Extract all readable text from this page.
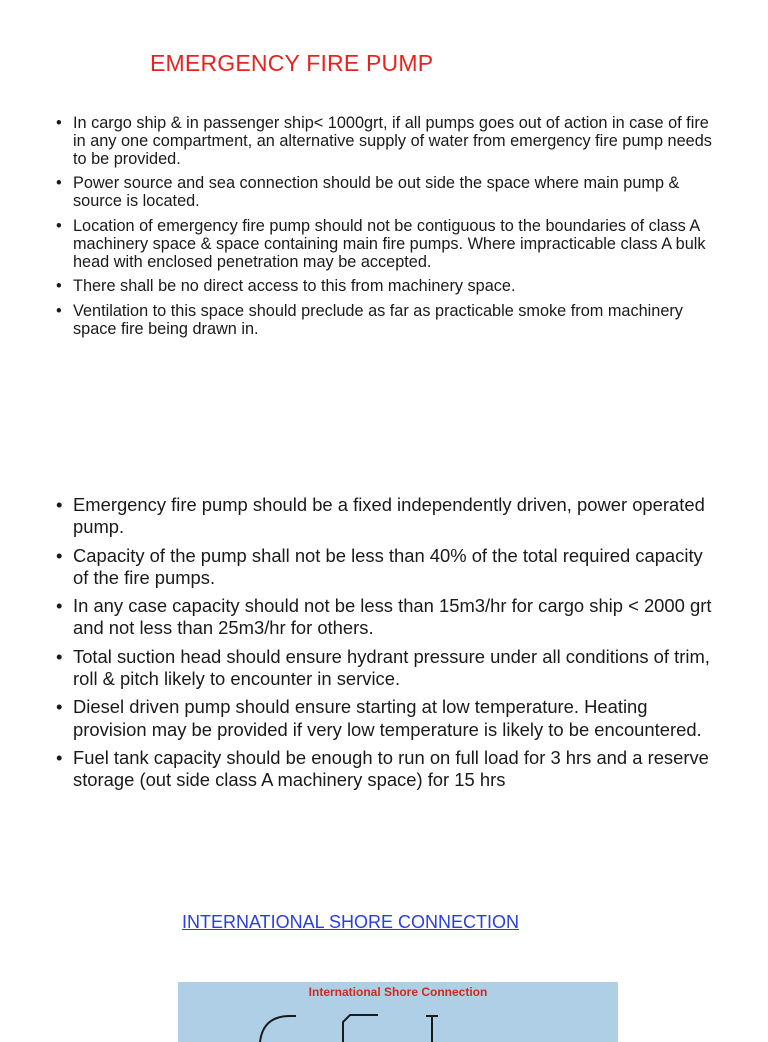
EMERGENCY FIRE PUMP
• In cargo ship & in passenger ship< 1000grt, if all pumps goes out of action in case of fire in any one compartment, an alternative supply of water from emergency fire pump needs to be provided.
• Power source and sea connection should be out side the space where main pump & source is located.
• Location of emergency fire pump should not be contiguous to the boundaries of class A machinery space & space containing main fire pumps. Where impracticable class A bulk head with enclosed penetration may be accepted.
• There shall be no direct access to this from machinery space.
• Ventilation to this space should preclude as far as practicable smoke from machinery space fire being drawn in.
• Emergency fire pump should be a fixed independently driven, power operated pump.
• Capacity of the pump shall not be less than 40% of the total required capacity of the fire pumps.
• In any case capacity should not be less than 15m3/hr for cargo ship < 2000 grt and not less than 25m3/hr for others.
• Total suction head should ensure hydrant pressure under all conditions of trim, roll & pitch likely to encounter in service.
• Diesel driven pump should ensure starting at low temperature. Heating provision may be provided if very low temperature is likely to be encountered.
• Fuel tank capacity should be enough to run on full load for 3 hrs and a reserve storage (out side class A machinery space) for 15 hrs
INTERNATIONAL SHORE CONNECTION
International Shore Connection
